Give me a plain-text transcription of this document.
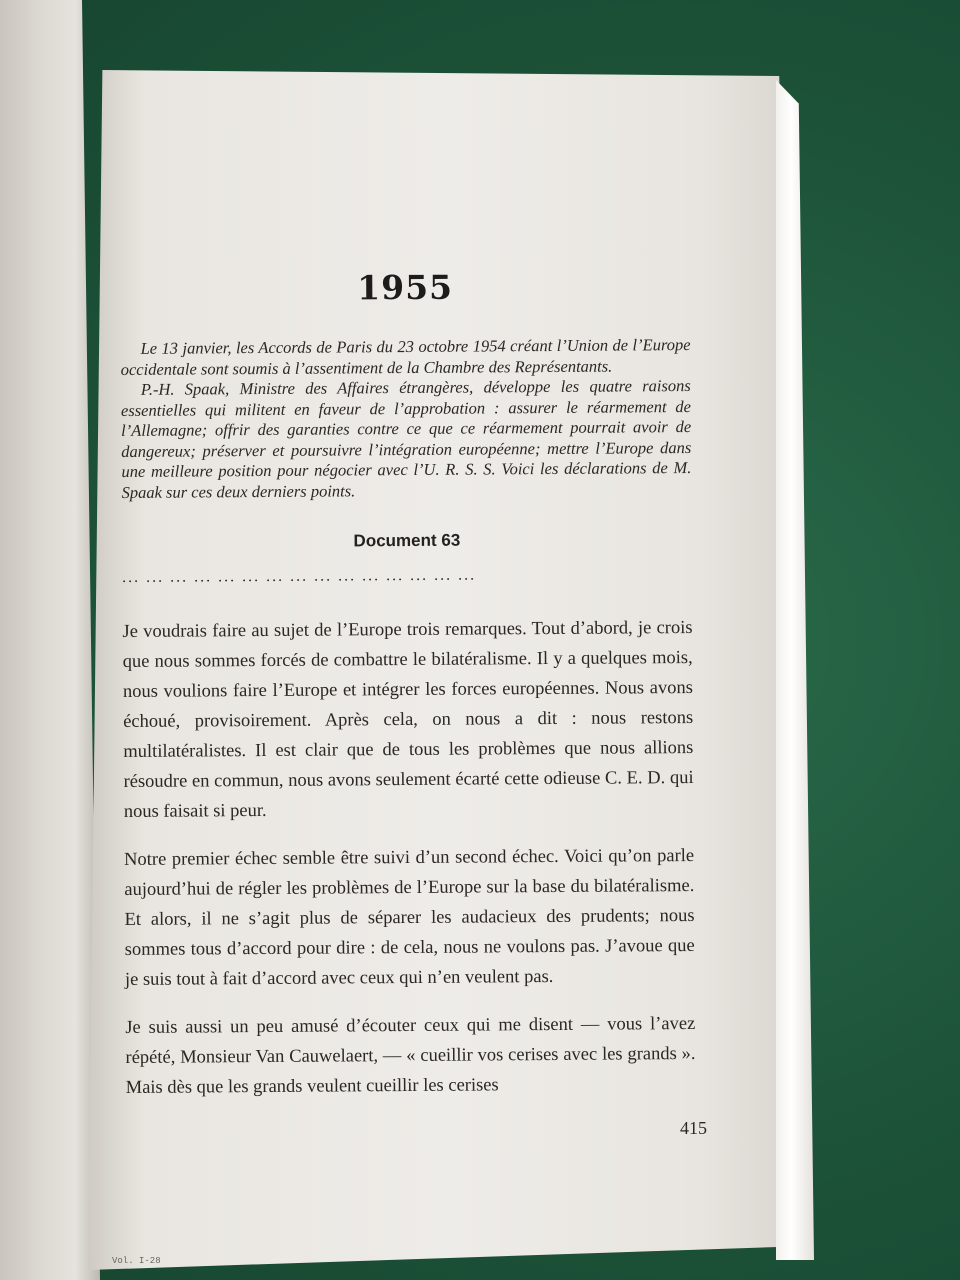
1955

Le 13 janvier, les Accords de Paris du 23 octobre 1954 créant l’Union de l’Europe occidentale sont soumis à l’assentiment de la Chambre des Représentants.

P.-H. Spaak, Ministre des Affaires étrangères, développe les quatre raisons essentielles qui militent en faveur de l’approbation : assurer le réarmement de l’Allemagne; offrir des garanties contre ce que ce réarmement pourrait avoir de dangereux; préserver et poursuivre l’intégration européenne; mettre l’Europe dans une meilleure position pour négocier avec l’U. R. S. S. Voici les déclarations de M. Spaak sur ces deux derniers points.

Document 63
... ... ... ... ... ... ... ... ... ... ... ... ... ... ...

Je voudrais faire au sujet de l’Europe trois remarques. Tout d’abord, je crois que nous sommes forcés de combattre le bilatéralisme. Il y a quelques mois, nous voulions faire l’Europe et intégrer les forces européennes. Nous avons échoué, provisoirement. Après cela, on nous a dit : nous restons multilatéralistes. Il est clair que de tous les problèmes que nous allions résoudre en commun, nous avons seulement écarté cette odieuse C. E. D. qui nous faisait si peur.

Notre premier échec semble être suivi d’un second échec. Voici qu’on parle aujourd’hui de régler les problèmes de l’Europe sur la base du bilatéralisme. Et alors, il ne s’agit plus de séparer les audacieux des prudents; nous sommes tous d’accord pour dire : de cela, nous ne voulons pas. J’avoue que je suis tout à fait d’accord avec ceux qui n’en veulent pas.

Je suis aussi un peu amusé d’écouter ceux qui me disent — vous l’avez répété, Monsieur Van Cauwelaert, — « cueillir vos cerises avec les grands ». Mais dès que les grands veulent cueillir les cerises

415
Vol. I-28
